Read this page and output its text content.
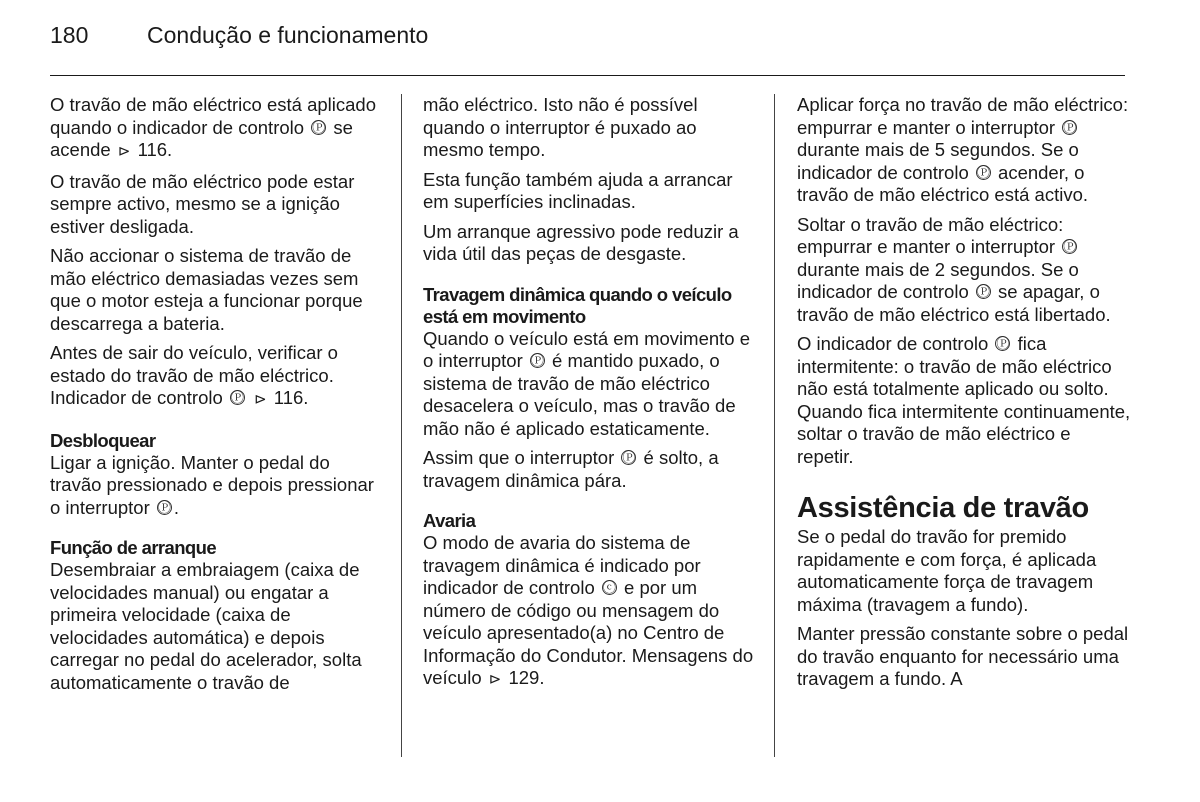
180	Condução e funcionamento

O travão de mão eléctrico está aplicado quando o indicador de controlo Ⓟ se acende ⊳ 116.

O travão de mão eléctrico pode estar sempre activo, mesmo se a ignição estiver desligada.

Não accionar o sistema de travão de mão eléctrico demasiadas vezes sem que o motor esteja a funcionar porque descarrega a bateria.

Antes de sair do veículo, verificar o estado do travão de mão eléctrico. Indicador de controlo Ⓟ ⊳ 116.

Desbloquear

Ligar a ignição. Manter o pedal do travão pressionado e depois pressionar o interruptor Ⓟ .

Função de arranque

Desembraiar a embraiagem (caixa de velocidades manual) ou engatar a primeira velocidade (caixa de velocidades automática) e depois carregar no pedal do acelerador, solta automaticamente o travão de

mão eléctrico. Isto não é possível quando o interruptor é puxado ao mesmo tempo.

Esta função também ajuda a arrancar em superfícies inclinadas.

Um arranque agressivo pode reduzir a vida útil das peças de desgaste.

Travagem dinâmica quando o veículo está em movimento

Quando o veículo está em movimento e o interruptor Ⓟ é mantido puxado, o sistema de travão de mão eléctrico desacelera o veículo, mas o travão de mão não é aplicado estaticamente.

Assim que o interruptor Ⓟ é solto, a travagem dinâmica pára.

Avaria

O modo de avaria do sistema de travagem dinâmica é indicado por indicador de controlo ⓒ e por um número de código ou mensagem do veículo apresentado(a) no Centro de Informação do Condutor. Mensagens do veículo ⊳ 129.

Aplicar força no travão de mão eléctrico: empurrar e manter o interruptor Ⓟ durante mais de 5 segundos. Se o indicador de controlo Ⓟ acender, o travão de mão eléctrico está activo.

Soltar o travão de mão eléctrico: empurrar e manter o interruptor Ⓟ durante mais de 2 segundos. Se o indicador de controlo Ⓟ se apagar, o travão de mão eléctrico está libertado.

O indicador de controlo Ⓟ fica intermitente: o travão de mão eléctrico não está totalmente aplicado ou solto. Quando fica intermitente continuamente, soltar o travão de mão eléctrico e repetir.

Assistência de travão

Se o pedal do travão for premido rapidamente e com força, é aplicada automaticamente força de travagem máxima (travagem a fundo).

Manter pressão constante sobre o pedal do travão enquanto for necessário uma travagem a fundo. A
